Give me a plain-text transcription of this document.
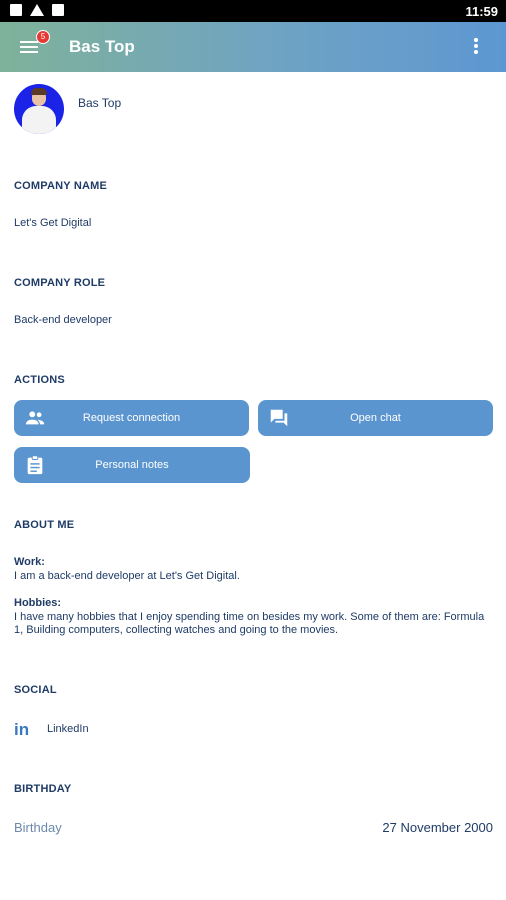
11:59
5
Bas Top
Bas Top
COMPANY NAME
Let's Get Digital
COMPANY ROLE
Back-end developer
ACTIONS
Request connection	Open chat
Personal notes
ABOUT ME
Work:
I am a back-end developer at Let's Get Digital.
Hobbies:
I have many hobbies that I enjoy spending time on besides my work. Some of them are: Formula 1, Building computers, collecting watches and going to the movies.
SOCIAL
in LinkedIn
BIRTHDAY
Birthday	27 November 2000
